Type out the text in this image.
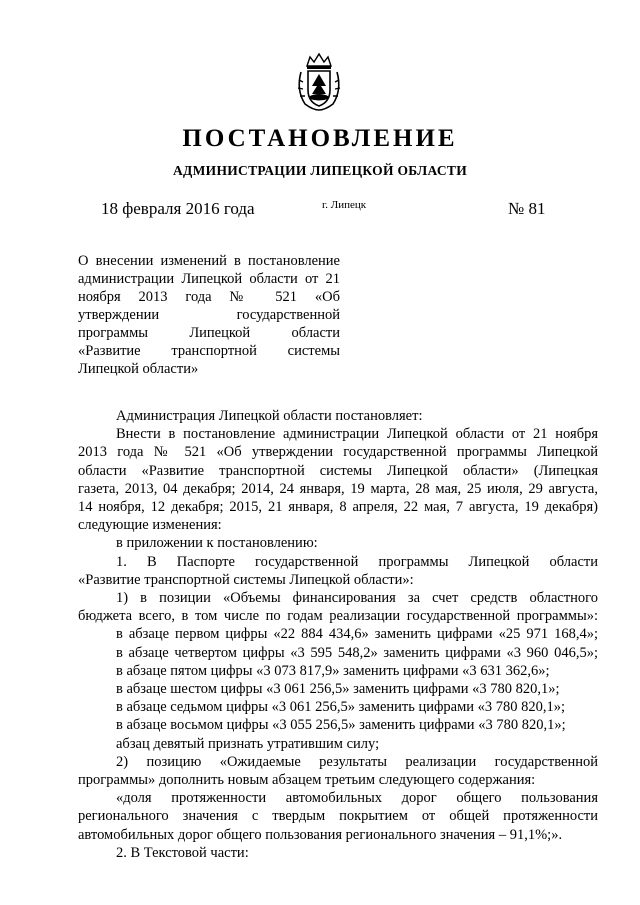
ПОСТАНОВЛЕНИЕ
АДМИНИСТРАЦИИ ЛИПЕЦКОЙ ОБЛАСТИ
18 февраля 2016 года	г. Липецк	№ 81
О внесении изменений в постановление
администрации Липецкой области от 21
ноября 2013 года № 521 «Об
утверждении государственной
программы Липецкой области
«Развитие транспортной системы
Липецкой области»
Администрация Липецкой области постановляет:
Внести в постановление администрации Липецкой области от 21 ноября
2013 года № 521 «Об утверждении государственной программы Липецкой
области «Развитие транспортной системы Липецкой области» (Липецкая
газета, 2013, 04 декабря; 2014, 24 января, 19 марта, 28 мая, 25 июля, 29 августа,
14 ноября, 12 декабря; 2015, 21 января, 8 апреля, 22 мая, 7 августа, 19 декабря)
следующие изменения:
в приложении к постановлению:
1. В Паспорте государственной программы Липецкой области
«Развитие транспортной системы Липецкой области»:
1) в позиции «Объемы финансирования за счет средств областного
бюджета всего, в том числе по годам реализации государственной программы»:
в абзаце первом цифры «22 884 434,6» заменить цифрами «25 971 168,4»;
в абзаце четвертом цифры «3 595 548,2» заменить цифрами «3 960 046,5»;
в абзаце пятом цифры «3 073 817,9» заменить цифрами «3 631 362,6»;
в абзаце шестом цифры «3 061 256,5» заменить цифрами «3 780 820,1»;
в абзаце седьмом цифры «3 061 256,5» заменить цифрами «3 780 820,1»;
в абзаце восьмом цифры «3 055 256,5» заменить цифрами «3 780 820,1»;
абзац девятый признать утратившим силу;
2) позицию «Ожидаемые результаты реализации государственной
программы» дополнить новым абзацем третьим следующего содержания:
«доля протяженности автомобильных дорог общего пользования
регионального значения с твердым покрытием от общей протяженности
автомобильных дорог общего пользования регионального значения – 91,1%;».
2. В Текстовой части:
